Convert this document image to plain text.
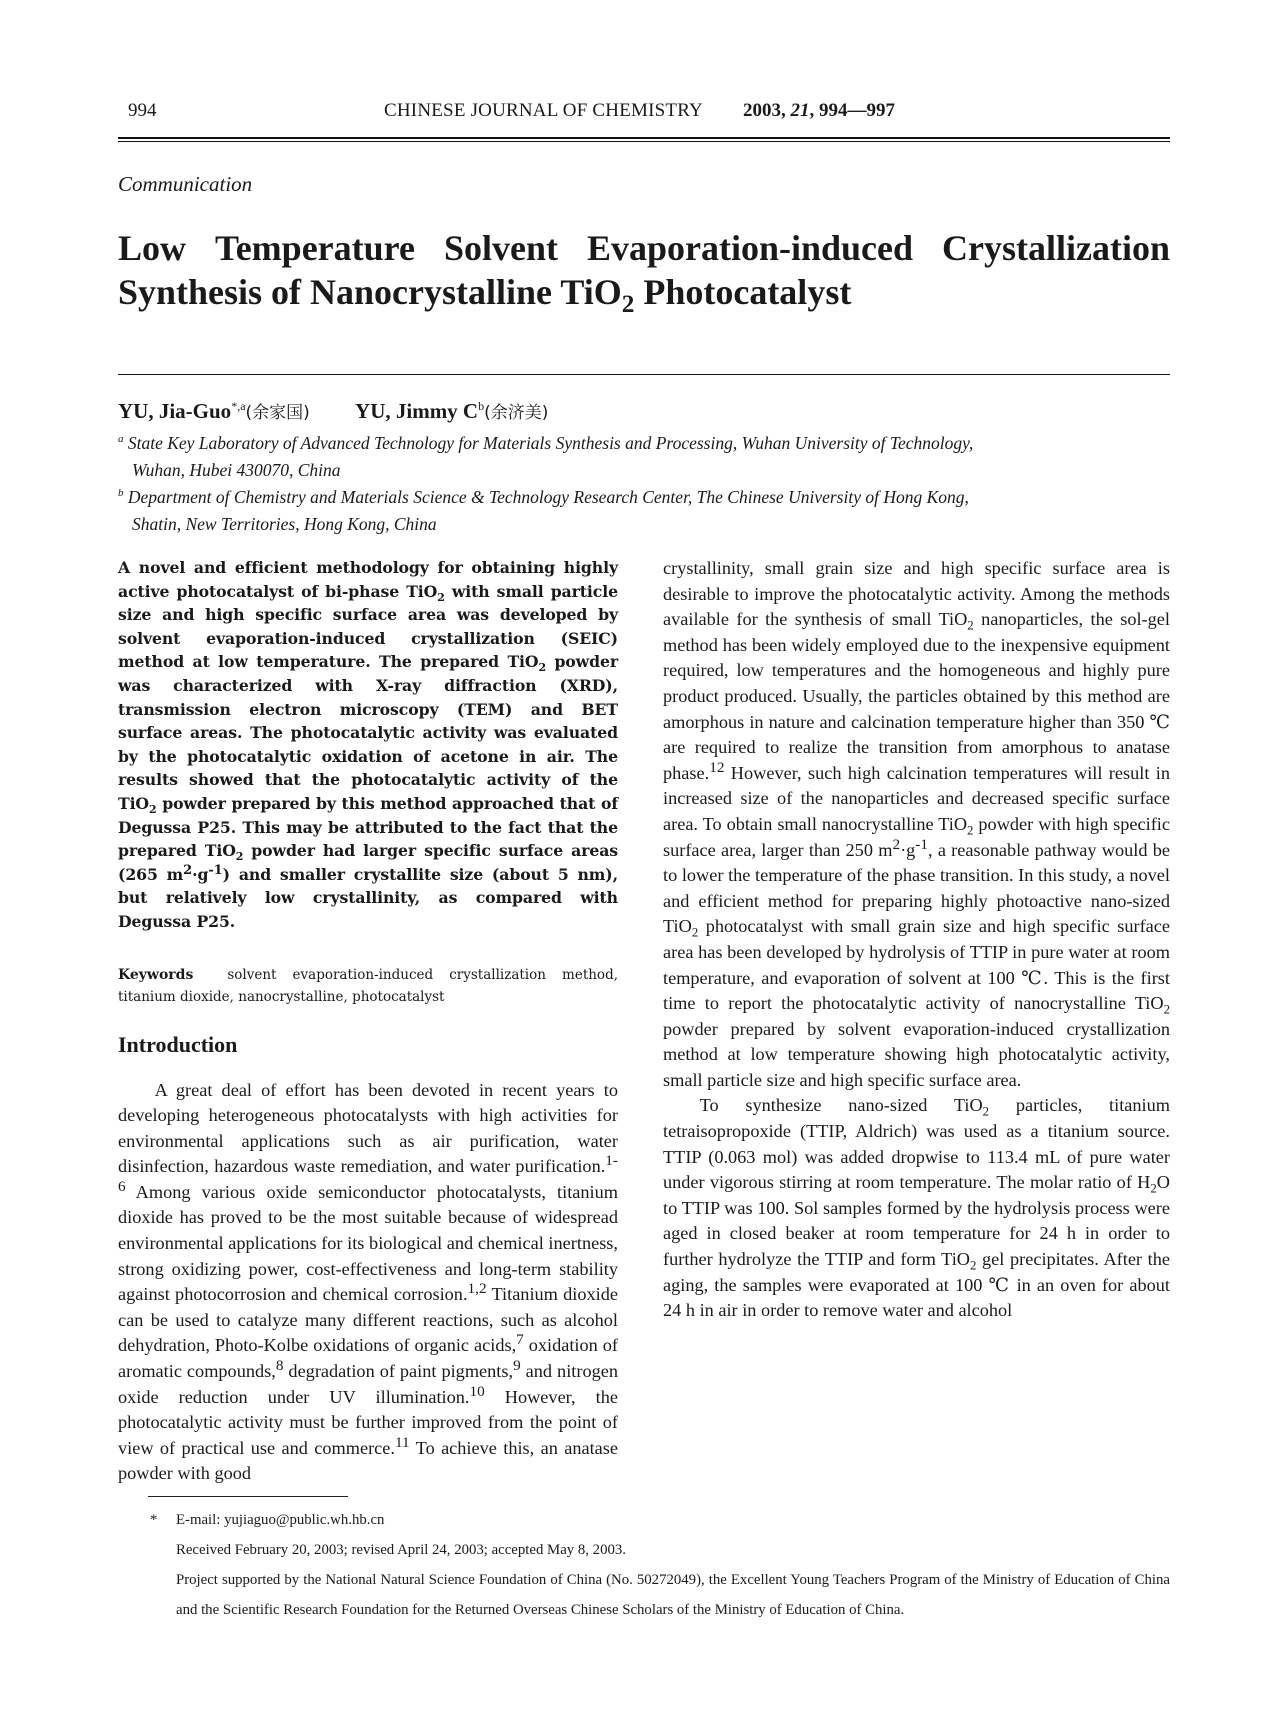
994	CHINESE JOURNAL OF CHEMISTRY 2003, 21, 994—997
Communication
Low Temperature Solvent Evaporation-induced Crystallization
Synthesis of Nanocrystalline TiO$_2$ Photocatalyst
YU, Jia-Guo$^{*,a}$(余家国) YU, Jimmy $C^b$(余济美)
$^a$ State Key Laboratory of Advanced Technology for Materials Synthesis and Processing, Wuhan University of Technology,
Wuhan, Hubei 430070, China
$^b$ Department of Chemistry and Materials Science & Technology Research Center, The Chinese University of Hong Kong,
Shatin, New Territories, Hong Kong, China
A novel and efficient methodology for obtaining highly active photocatalyst of bi-phase TiO$_2$ with small particle size and high specific surface area was developed by solvent evaporation-induced crystallization (SEIC) method at low temperature. The prepared TiO$_2$ powder was characterized with X-ray diffraction (XRD), transmission electron microscopy (TEM) and BET surface areas. The photocatalytic activity was evaluated by the photocatalytic oxidation of acetone in air. The results showed that the photocatalytic activity of the TiO$_2$ powder prepared by this method approached that of Degussa P25. This may be attributed to the fact that the prepared TiO$_2$ powder had larger specific surface areas (265 $m^2\cdot g^{-1}$) and smaller crystallite size (about 5 nm), but relatively low crystallinity, as compared with Degussa P25.
Keywords	solvent evaporation-induced crystallization method, titanium dioxide, nanocrystalline, photocatalyst
Introduction

A great deal of effort has been devoted in recent years to developing heterogeneous photocatalysts with high activities for environmental applications such as air purification, water disinfection, hazardous waste remediation, and water purification.$^{1-6}$ Among various oxide semiconductor photocatalysts, titanium dioxide has proved to be the most suitable because of widespread environmental applications for its biological and chemical inertness, strong oxidizing power, cost-effectiveness and long-term stability against photocorrosion and chemical corrosion.$^{1,2}$ Titanium dioxide can be used to catalyze many different reactions, such as alcohol dehydration, Photo-Kolbe oxidations of organic acids,$^7$ oxidation of aromatic compounds,$^8$ degradation of paint pigments,$^9$ and nitrogen oxide reduction under UV illumination.$^{10}$ However, the photocatalytic activity must be further improved from the point of view of practical use and commerce.$^{11}$ To achieve this, an anatase powder with good

crystallinity, small grain size and high specific surface area is desirable to improve the photocatalytic activity. Among the methods available for the synthesis of small TiO$_2$ nanoparticles, the sol-gel method has been widely employed due to the inexpensive equipment required, low temperatures and the homogeneous and highly pure product produced. Usually, the particles obtained by this method are amorphous in nature and calcination temperature higher than 350 ℃ are required to realize the transition from amorphous to anatase phase.$^{12}$ However, such high calcination temperatures will result in increased size of the nanoparticles and decreased specific surface area. To obtain small nanocrystalline TiO$_2$ powder with high specific surface area, larger than 250 $m^2\cdot g^{-1}$, a reasonable pathway would be to lower the temperature of the phase transition. In this study, a novel and efficient method for preparing highly photoactive nano-sized TiO$_2$ photocatalyst with small grain size and high specific surface area has been developed by hydrolysis of TTIP in pure water at room temperature, and evaporation of solvent at 100 ℃. This is the first time to report the photocatalytic activity of nanocrystalline TiO$_2$ powder prepared by solvent evaporation-induced crystallization method at low temperature showing high photocatalytic activity, small particle size and high specific surface area.

To synthesize nano-sized TiO$_2$ particles, titanium tetraisopropoxide (TTIP, Aldrich) was used as a titanium source. TTIP (0.063 mol) was added dropwise to 113.4 mL of pure water under vigorous stirring at room temperature. The molar ratio of $H_2O$ to TTIP was 100. Sol samples formed by the hydrolysis process were aged in closed beaker at room temperature for 24 h in order to further hydrolyze the TTIP and form TiO$_2$ gel precipitates. After the aging, the samples were evaporated at 100 ℃ in an oven for about 24 h in air in order to remove water and alcohol

* E-mail: yujiaguo@public.wh.hb.cn
Received February 20, 2003; revised April 24, 2003; accepted May 8, 2003.
Project supported by the National Natural Science Foundation of China (No. 50272049), the Excellent Young Teachers Program of the Ministry of Education of China and the Scientific Research Foundation for the Returned Overseas Chinese Scholars of the Ministry of Education of China.
